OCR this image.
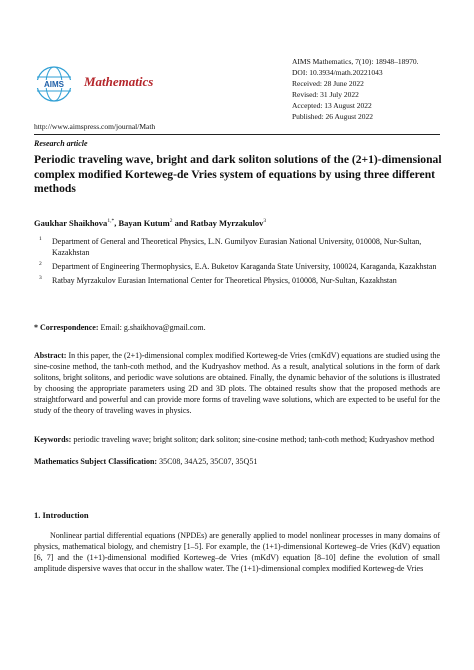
AIMS Mathematics
http://www.aimspress.com/journal/Math
AIMS Mathematics, 7(10): 18948–18970.
DOI: 10.3934/math.20221043
Received: 28 June 2022
Revised: 31 July 2022
Accepted: 13 August 2022
Published: 26 August 2022
Research article
Periodic traveling wave, bright and dark soliton solutions of the (2+1)-dimensional complex modified Korteweg-de Vries system of equations by using three different methods
Gaukhar Shaikhova$^{1,*}$, Bayan Kutum$^2$ and Ratbay Myrzakulov$^3$
1 Department of General and Theoretical Physics, L.N. Gumilyov Eurasian National University, 010008, Nur-Sultan, Kazakhstan
2 Department of Engineering Thermophysics, E.A. Buketov Karaganda State University, 100024, Karaganda, Kazakhstan
3 Ratbay Myrzakulov Eurasian International Center for Theoretical Physics, 010008, Nur-Sultan, Kazakhstan
* Correspondence: Email: g.shaikhova@gmail.com.
Abstract: In this paper, the (2+1)-dimensional complex modified Korteweg-de Vries (cmKdV) equations are studied using the sine-cosine method, the tanh-coth method, and the Kudryashov method. As a result, analytical solutions in the form of dark solitons, bright solitons, and periodic wave solutions are obtained. Finally, the dynamic behavior of the solutions is illustrated by choosing the appropriate parameters using 2D and 3D plots. The obtained results show that the proposed methods are straightforward and powerful and can provide more forms of traveling wave solutions, which are expected to be useful for the study of the theory of traveling waves in physics.
Keywords: periodic traveling wave; bright soliton; dark soliton; sine-cosine method; tanh-coth method; Kudryashov method
Mathematics Subject Classification: 35C08, 34A25, 35C07, 35Q51
1. Introduction
Nonlinear partial differential equations (NPDEs) are generally applied to model nonlinear processes in many domains of physics, mathematical biology, and chemistry [1–5]. For example, the (1+1)-dimensional Korteweg–de Vries (KdV) equation [6, 7] and the (1+1)-dimensional modified Korteweg–de Vries (mKdV) equation [8–10] define the evolution of small amplitude dispersive waves that occur in the shallow water. The (1+1)-dimensional complex modified Korteweg-de Vries
